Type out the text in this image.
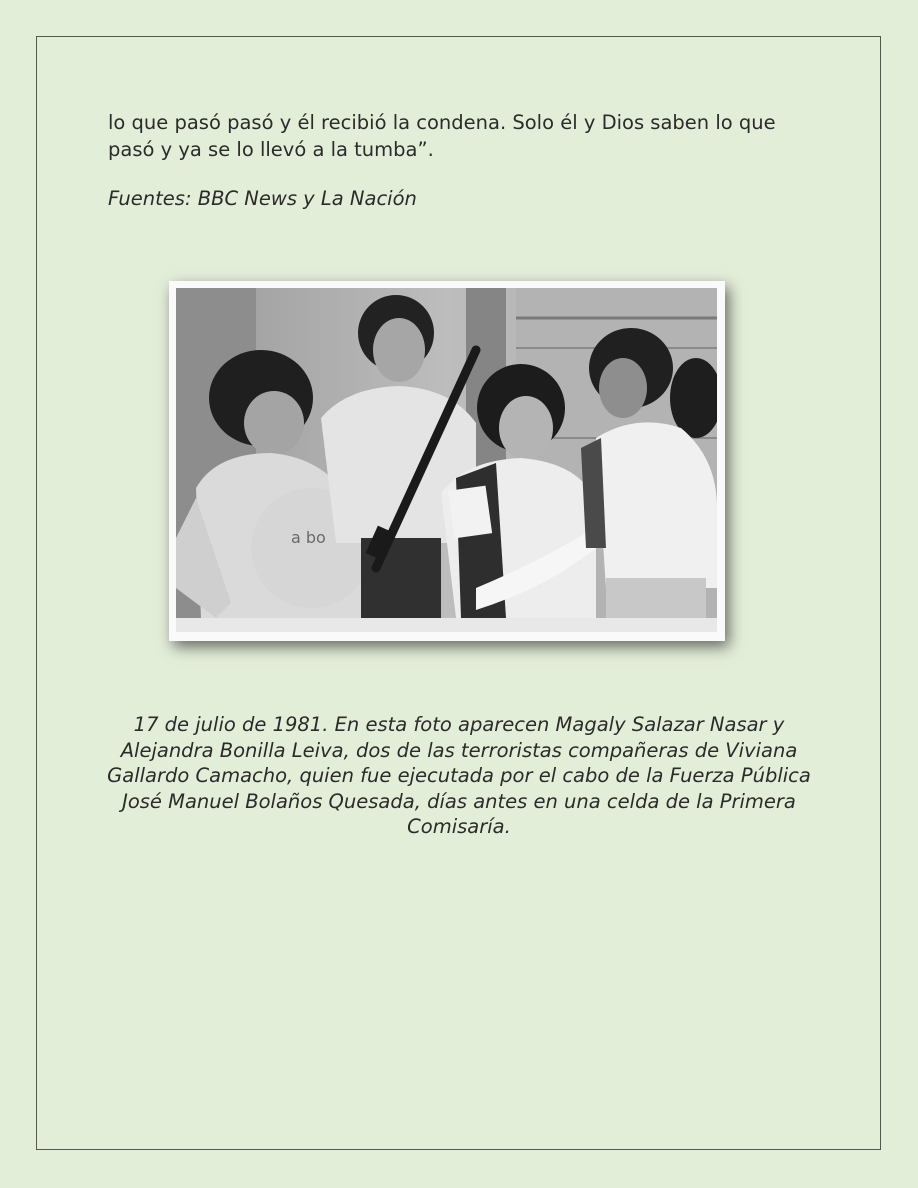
lo que pasó pasó y él recibió la condena. Solo él y Dios saben lo que pasó y ya se lo llevó a la tumba”.

Fuentes: BBC News y La Nación

a bo

17 de julio de 1981. En esta foto aparecen Magaly Salazar Nasar y Alejandra Bonilla Leiva, dos de las terroristas compañeras de Viviana Gallardo Camacho, quien fue ejecutada por el cabo de la Fuerza Pública José Manuel Bolaños Quesada, días antes en una celda de la Primera Comisaría.
